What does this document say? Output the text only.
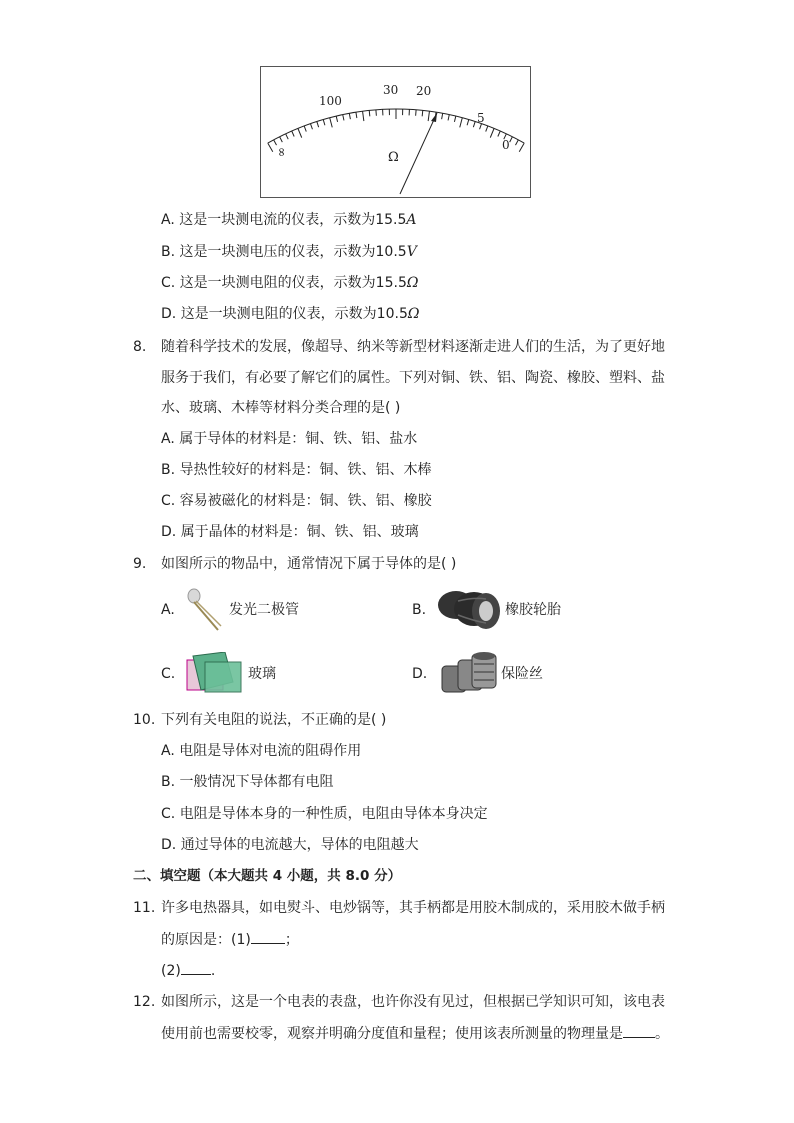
∞
100
30 20
5
0
Ω
A. 这是一块测电流的仪表，示数为15.5A
B. 这是一块测电压的仪表，示数为10.5V
C. 这是一块测电阻的仪表，示数为15.5Ω
D. 这是一块测电阻的仪表，示数为10.5Ω
8. 随着科学技术的发展，像超导、纳米等新型材料逐渐走进人们的生活，为了更好地
服务于我们，有必要了解它们的属性。下列对铜、铁、铝、陶瓷、橡胶、塑料、盐
水、玻璃、木棒等材料分类合理的是( )
A. 属于导体的材料是：铜、铁、铝、盐水
B. 导热性较好的材料是：铜、铁、铝、木棒
C. 容易被磁化的材料是：铜、铁、铝、橡胶
D. 属于晶体的材料是：铜、铁、铝、玻璃
9. 如图所示的物品中，通常情况下属于导体的是( )
A.	发光二极管	B.	橡胶轮胎
C.	玻璃	D.	保险丝
10. 下列有关电阻的说法，不正确的是( )
A. 电阻是导体对电流的阻碍作用
B. 一般情况下导体都有电阻
C. 电阻是导体本身的一种性质，电阻由导体本身决定
D. 通过导体的电流越大，导体的电阻越大
二、填空题（本大题共 4 小题，共 8.0 分）
11. 许多电热器具，如电熨斗、电炒锅等，其手柄都是用胶木制成的，采用胶木做手柄
的原因是：(1) ；
(2) .
12. 如图所示，这是一个电表的表盘，也许你没有见过，但根据已学知识可知，该电表
使用前也需要校零，观察并明确分度值和量程；使用该表所测量的物理量是 。
